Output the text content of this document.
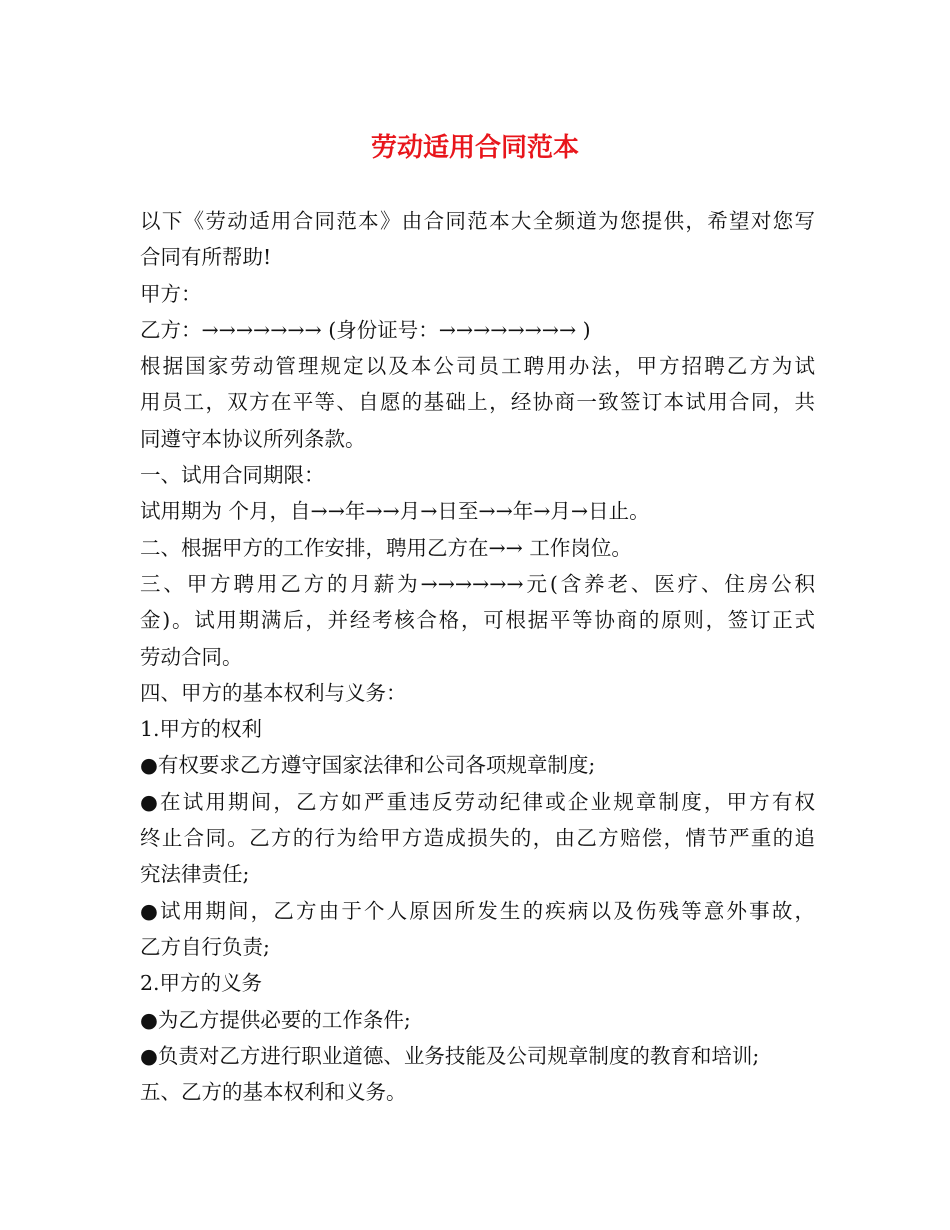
劳动适用合同范本
以下《劳动适用合同范本》由合同范本大全频道为您提供，希望对您写
合同有所帮助!
甲方：
乙方：→→→→→→→ (身份证号：→→→→→→→→ )
根据国家劳动管理规定以及本公司员工聘用办法，甲方招聘乙方为试
用员工，双方在平等、自愿的基础上，经协商一致签订本试用合同，共
同遵守本协议所列条款。
一、试用合同期限：
试用期为 个月，自→→年→→月→日至→→年→月→日止。
二、根据甲方的工作安排，聘用乙方在→→ 工作岗位。
三、甲方聘用乙方的月薪为→→→→→→元(含养老、医疗、住房公积
金)。试用期满后，并经考核合格，可根据平等协商的原则，签订正式
劳动合同。
四、甲方的基本权利与义务：
1.甲方的权利
●有权要求乙方遵守国家法律和公司各项规章制度;
●在试用期间，乙方如严重违反劳动纪律或企业规章制度，甲方有权
终止合同。乙方的行为给甲方造成损失的，由乙方赔偿，情节严重的追
究法律责任;
●试用期间，乙方由于个人原因所发生的疾病以及伤残等意外事故，
乙方自行负责;
2.甲方的义务
●为乙方提供必要的工作条件;
●负责对乙方进行职业道德、业务技能及公司规章制度的教育和培训;
五、乙方的基本权利和义务。
